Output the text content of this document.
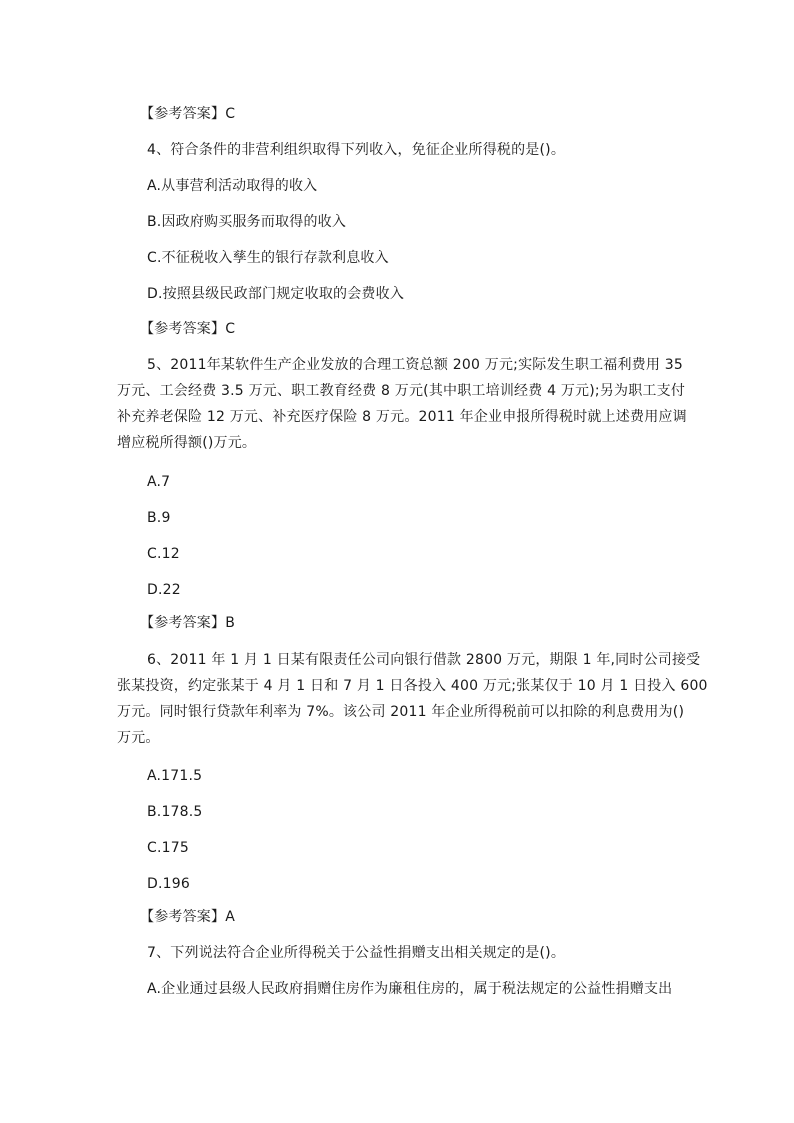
【参考答案】C
4、符合条件的非营利组织取得下列收入，免征企业所得税的是()。
A.从事营利活动取得的收入
B.因政府购买服务而取得的收入
C.不征税收入孳生的银行存款利息收入
D.按照县级民政部门规定收取的会费收入
【参考答案】C
5、2011年某软件生产企业发放的合理工资总额 200 万元;实际发生职工福利费用 35
万元、工会经费 3.5 万元、职工教育经费 8 万元(其中职工培训经费 4 万元);另为职工支付
补充养老保险 12 万元、补充医疗保险 8 万元。2011 年企业申报所得税时就上述费用应调
增应税所得额()万元。
A.7
B.9
C.12
D.22
【参考答案】B
6、2011 年 1 月 1 日某有限责任公司向银行借款 2800 万元，期限 1 年,同时公司接受
张某投资，约定张某于 4 月 1 日和 7 月 1 日各投入 400 万元;张某仅于 10 月 1 日投入 600
万元。同时银行贷款年利率为 7%。该公司 2011 年企业所得税前可以扣除的利息费用为()
万元。
A.171.5
B.178.5
C.175
D.196
【参考答案】A
7、下列说法符合企业所得税关于公益性捐赠支出相关规定的是()。
A.企业通过县级人民政府捐赠住房作为廉租住房的，属于税法规定的公益性捐赠支出
